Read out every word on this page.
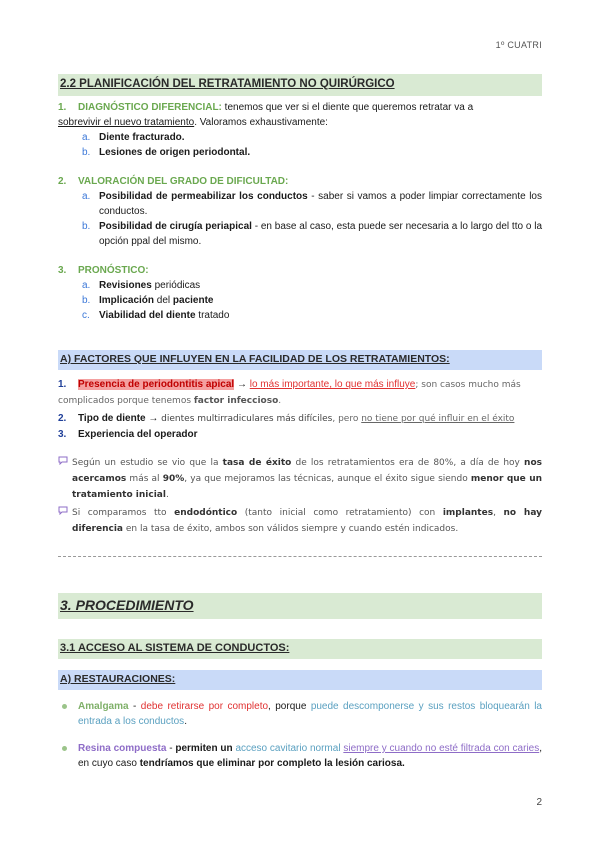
1º CUATRI
2.2 PLANIFICACIÓN DEL RETRATAMIENTO NO QUIRÚRGICO
1. DIAGNÓSTICO DIFERENCIAL: tenemos que ver si el diente que queremos retratar va a
sobrevivir el nuevo tratamiento. Valoramos exhaustivamente:
a. Diente fracturado.
b. Lesiones de origen periodontal.
2. VALORACIÓN DEL GRADO DE DIFICULTAD:
a. Posibilidad de permeabilizar los conductos - saber si vamos a poder limpiar correctamente los conductos.
b. Posibilidad de cirugía periapical - en base al caso, esta puede ser necesaria a lo largo del tto o la opción ppal del mismo.
3. PRONÓSTICO:
a. Revisiones periódicas
b. Implicación del paciente
c. Viabilidad del diente tratado
A) FACTORES QUE INFLUYEN EN LA FACILIDAD DE LOS RETRATAMIENTOS:
1. Presencia de periodontitis apical → lo más importante, lo que más influye; son casos mucho más complicados porque tenemos factor infeccioso.
2. Tipo de diente → dientes multirradiculares más difíciles, pero no tiene por qué influir en el éxito
3. Experiencia del operador
Según un estudio se vio que la tasa de éxito de los retratamientos era de 80%, a día de hoy nos acercamos más al 90%, ya que mejoramos las técnicas, aunque el éxito sigue siendo menor que un tratamiento inicial.
Si comparamos tto endodóntico (tanto inicial como retratamiento) con implantes, no hay diferencia en la tasa de éxito, ambos son válidos siempre y cuando estén indicados.
3. PROCEDIMIENTO
3.1 ACCESO AL SISTEMA DE CONDUCTOS:
A) RESTAURACIONES:
Amalgama - debe retirarse por completo, porque puede descomponerse y sus restos bloquearán la entrada a los conductos.
Resina compuesta - permiten un acceso cavitario normal siempre y cuando no esté filtrada con caries, en cuyo caso tendríamos que eliminar por completo la lesión cariosa.
2
